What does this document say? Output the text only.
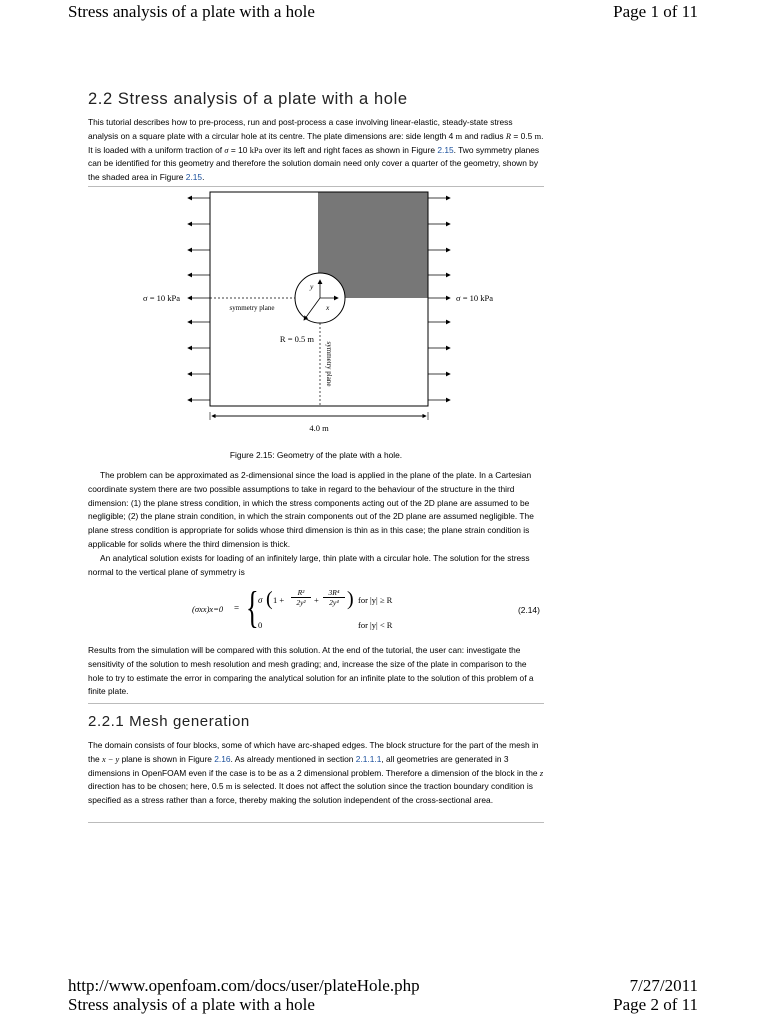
Stress analysis of a plate with a hole	Page 1 of 11
2.2 Stress analysis of a plate with a hole

This tutorial describes how to pre-process, run and post-process a case involving linear-elastic, steady-state stress analysis on a square plate with a circular hole at its centre. The plate dimensions are: side length 4 m and radius R = 0.5 m. It is loaded with a uniform traction of σ = 10 kPa over its left and right faces as shown in Figure 2.15. Two symmetry planes can be identified for this geometry and therefore the solution domain need only cover a quarter of the geometry, shown by the shaded area in Figure 2.15.

σ = 10 kPa	σ = 10 kPa
symmetry plane
symmetry plane
R = 0.5 m
y
x
4.0 m
Figure 2.15: Geometry of the plate with a hole.

The problem can be approximated as 2-dimensional since the load is applied in the plane of the plate. In a Cartesian coordinate system there are two possible assumptions to take in regard to the behaviour of the structure in the third dimension: (1) the plane stress condition, in which the stress components acting out of the 2D plane are assumed to be negligible; (2) the plane strain condition, in which the strain components out of the 2D plane are assumed negligible. The plane stress condition is appropriate for solids whose third dimension is thin as in this case; the plane strain condition is applicable for solids where the third dimension is thick.

An analytical solution exists for loading of an infinitely large, thin plate with a circular hole. The solution for the stress normal to the vertical plane of symmetry is

(σxx)x=0 = { σ ( 1 +
R²
2y² +
3R⁴
2y⁴ ) for |y| ≥ R
0	for |y| < R
(2.14)

Results from the simulation will be compared with this solution. At the end of the tutorial, the user can: investigate the sensitivity of the solution to mesh resolution and mesh grading; and, increase the size of the plate in comparison to the hole to try to estimate the error in comparing the analytical solution for an infinite plate to the solution of this problem of a finite plate.

2.2.1 Mesh generation

The domain consists of four blocks, some of which have arc-shaped edges. The block structure for the part of the mesh in the x − y plane is shown in Figure 2.16. As already mentioned in section 2.1.1.1, all geometries are generated in 3 dimensions in OpenFOAM even if the case is to be as a 2 dimensional problem. Therefore a dimension of the block in the z direction has to be chosen; here, 0.5 m is selected. It does not affect the solution since the traction boundary condition is specified as a stress rather than a force, thereby making the solution independent of the cross-sectional area.

http://www.openfoam.com/docs/user/plateHole.php	7/27/2011
Stress analysis of a plate with a hole	Page 2 of 11
